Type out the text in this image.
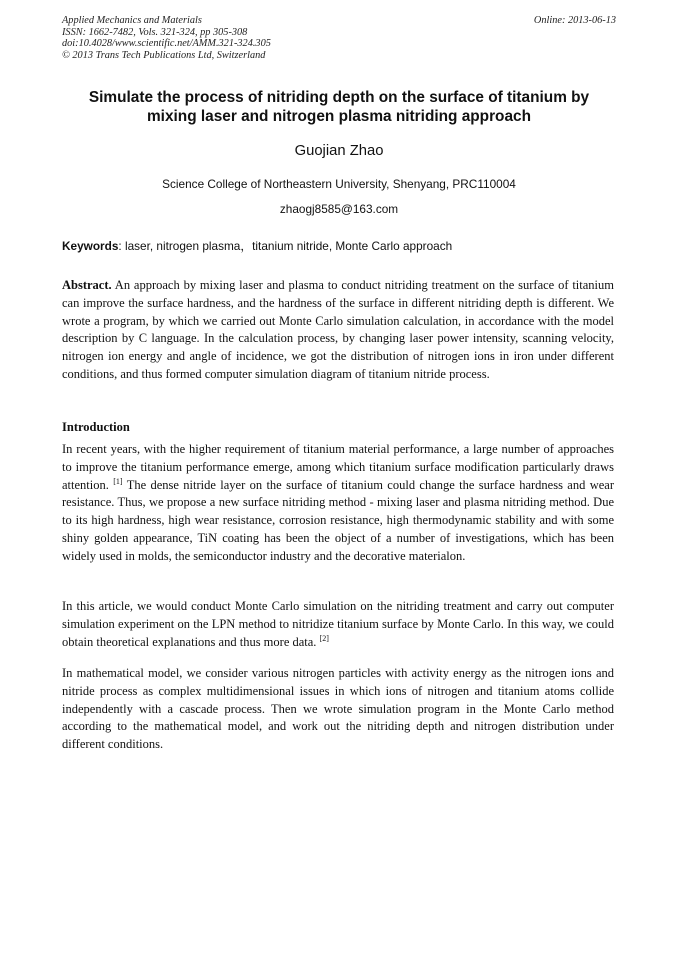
Applied Mechanics and Materials
ISSN: 1662-7482, Vols. 321-324, pp 305-308
doi:10.4028/www.scientific.net/AMM.321-324.305
© 2013 Trans Tech Publications Ltd, Switzerland
Online: 2013-06-13
Simulate the process of nitriding depth on the surface of titanium by mixing laser and nitrogen plasma nitriding approach
Guojian Zhao
Science College of Northeastern University, Shenyang, PRC110004
zhaogj8585@163.com
Keywords: laser, nitrogen plasma，titanium nitride, Monte Carlo approach

Abstract. An approach by mixing laser and plasma to conduct nitriding treatment on the surface of titanium can improve the surface hardness, and the hardness of the surface in different nitriding depth is different. We wrote a program, by which we carried out Monte Carlo simulation calculation, in accordance with the model description by C language. In the calculation process, by changing laser power intensity, scanning velocity, nitrogen ion energy and angle of incidence, we got the distribution of nitrogen ions in iron under different conditions, and thus formed computer simulation diagram of titanium nitride process.

Introduction

In recent years, with the higher requirement of titanium material performance, a large number of approaches to improve the titanium performance emerge, among which titanium surface modification particularly draws attention. [1] The dense nitride layer on the surface of titanium could change the surface hardness and wear resistance. Thus, we propose a new surface nitriding method - mixing laser and plasma nitriding method. Due to its high hardness, high wear resistance, corrosion resistance, high thermodynamic stability and with some shiny golden appearance, TiN coating has been the object of a number of investigations, which has been widely used in molds, the semiconductor industry and the decorative materialon.

In this article, we would conduct Monte Carlo simulation on the nitriding treatment and carry out computer simulation experiment on the LPN method to nitridize titanium surface by Monte Carlo. In this way, we could obtain theoretical explanations and thus more data. [2]

In mathematical model, we consider various nitrogen particles with activity energy as the nitrogen ions and nitride process as complex multidimensional issues in which ions of nitrogen and titanium atoms collide independently with a cascade process. Then we wrote simulation program in the Monte Carlo method according to the mathematical model, and work out the nitriding depth and nitrogen distribution under different conditions.
